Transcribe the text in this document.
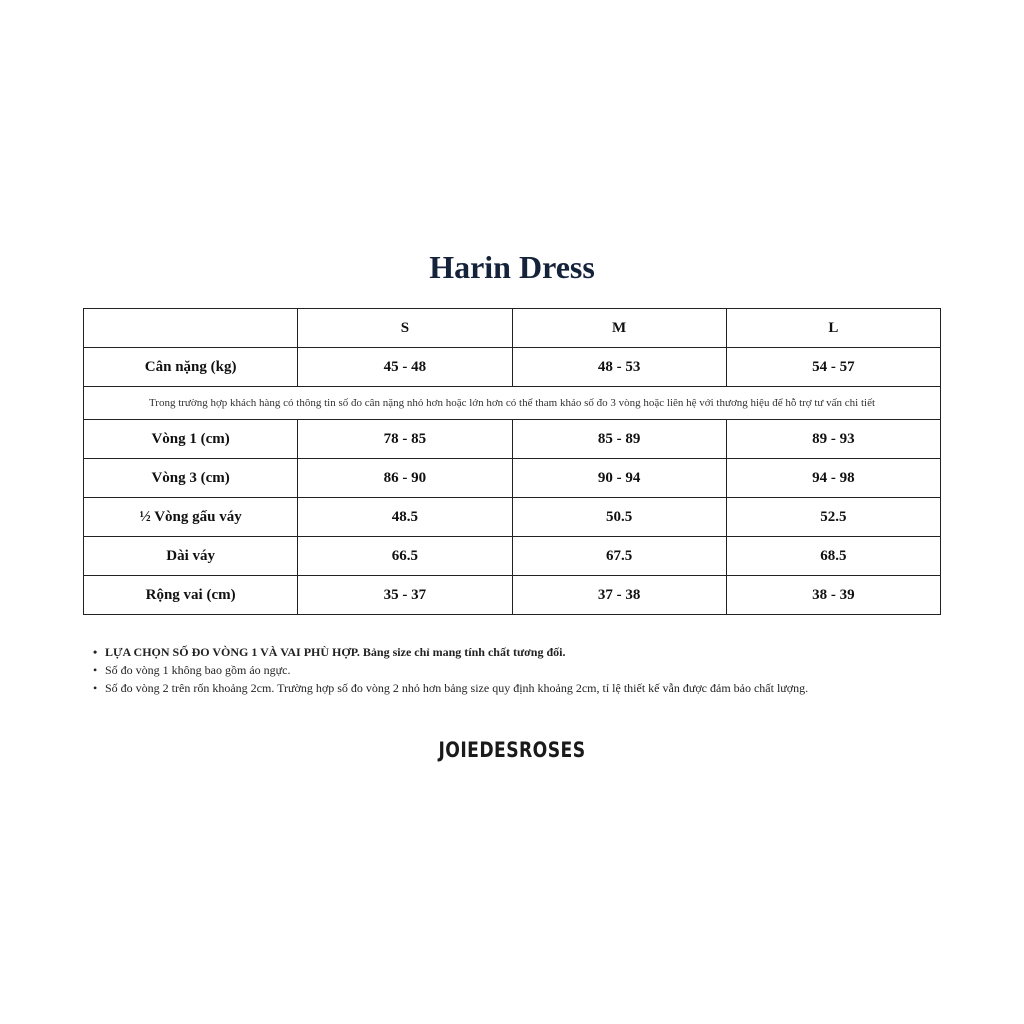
Harin Dress
	S	M	L
Cân nặng (kg)	45 - 48	48 - 53	54 - 57
Trong trường hợp khách hàng có thông tin số đo cân nặng nhỏ hơn hoặc lớn hơn có thể tham khảo số đo 3 vòng hoặc liên hệ với thương hiệu để hỗ trợ tư vấn chi tiết			
Vòng 1 (cm)	78 - 85	85 - 89	89 - 93
Vòng 3 (cm)	86 - 90	90 - 94	94 - 98
½ Vòng gấu váy	48.5	50.5	52.5
Dài váy	66.5	67.5	68.5
Rộng vai (cm)	35 - 37	37 - 38	38 - 39
• LỰA CHỌN SỐ ĐO VÒNG 1 VÀ VAI PHÙ HỢP. Bảng size chỉ mang tính chất tương đối.
• Số đo vòng 1 không bao gồm áo ngực.
• Số đo vòng 2 trên rốn khoảng 2cm. Trường hợp số đo vòng 2 nhỏ hơn bảng size quy định khoảng 2cm, tỉ lệ thiết kế vẫn được đảm bảo chất lượng.
JOIEDESROSES
